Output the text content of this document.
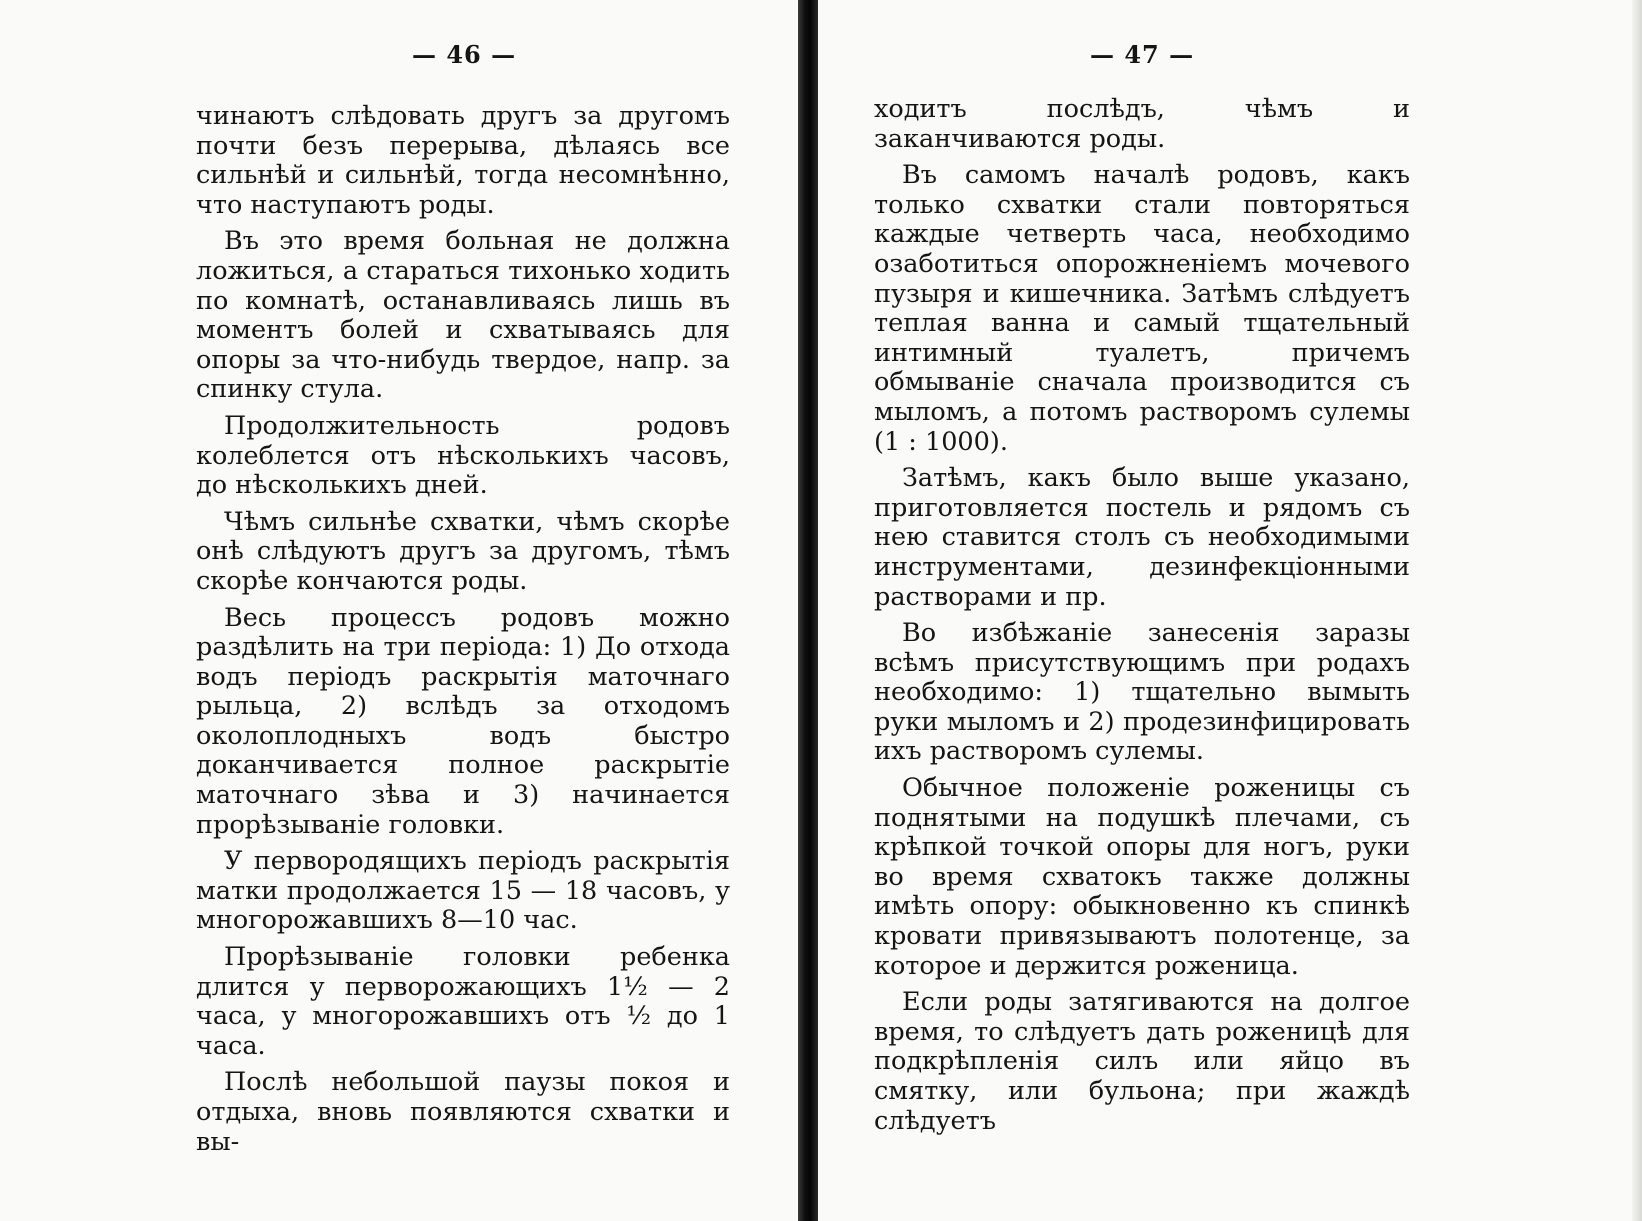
— 46 —

чинаютъ слѣдовать другъ за другомъ почти безъ перерыва, дѣлаясь все сильнѣй и сильнѣй, тогда несомнѣнно, что наступаютъ роды.

Въ это время больная не должна ложиться, а стараться тихонько ходить по комнатѣ, останавливаясь лишь въ моментъ болей и схватываясь для опоры за что-нибудь твердое, напр. за спинку стула.

Продолжительность родовъ колеблется отъ нѣсколькихъ часовъ, до нѣсколькихъ дней.

Чѣмъ сильнѣе схватки, чѣмъ скорѣе онѣ слѣдуютъ другъ за другомъ, тѣмъ скорѣе кончаются роды.

Весь процессъ родовъ можно раздѣлить на три періода: 1) До отхода водъ періодъ раскрытія маточнаго рыльца, 2) вслѣдъ за отходомъ околоплодныхъ водъ быстро доканчивается полное раскрытіе маточнаго зѣва и 3) начинается прорѣзываніе головки.

У первородящихъ періодъ раскрытія матки продолжается 15 — 18 часовъ, у многорожавшихъ 8—10 час.

Прорѣзываніе головки ребенка длится у перворожающихъ 1½ — 2 часа, у многорожавшихъ отъ ½ до 1 часа.

Послѣ небольшой паузы покоя и отдыха, вновь появляются схватки и вы-

— 47 —

ходитъ послѣдъ, чѣмъ и заканчиваются роды.

Въ самомъ началѣ родовъ, какъ только схватки стали повторяться каждые четверть часа, необходимо озаботиться опорожненіемъ мочевого пузыря и кишечника. Затѣмъ слѣдуетъ теплая ванна и самый тщательный интимный туалетъ, причемъ обмываніе сначала производится съ мыломъ, а потомъ растворомъ сулемы (1 : 1000).

Затѣмъ, какъ было выше указано, приготовляется постель и рядомъ съ нею ставится столъ съ необходимыми инструментами, дезинфекціонными растворами и пр.

Во избѣжаніе занесенія заразы всѣмъ присутствующимъ при родахъ необходимо: 1) тщательно вымыть руки мыломъ и 2) продезинфицировать ихъ растворомъ сулемы.

Обычное положеніе роженицы съ поднятыми на подушкѣ плечами, съ крѣпкой точкой опоры для ногъ, руки во время схватокъ также должны имѣть опору: обыкновенно къ спинкѣ кровати привязываютъ полотенце, за которое и держится роженица.

Если роды затягиваются на долгое время, то слѣдуетъ дать роженицѣ для подкрѣпленія силъ или яйцо въ смятку, или бульона; при жаждѣ слѣдуетъ
